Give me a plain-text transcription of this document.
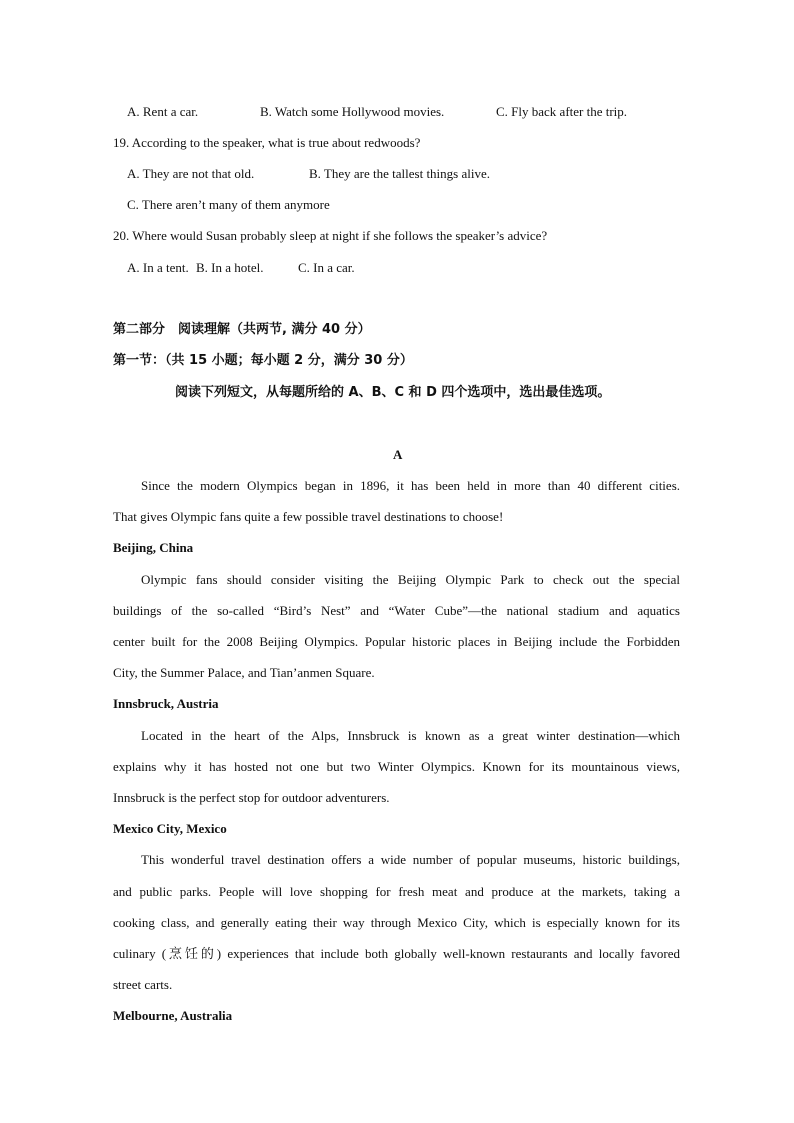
A. Rent a car.	B. Watch some Hollywood movies.	C. Fly back after the trip.
19. According to the speaker, what is true about redwoods?
A. They are not that old.	B. They are the tallest things alive.
C. There aren’t many of them anymore
20. Where would Susan probably sleep at night if she follows the speaker’s advice?
A. In a tent. B. In a hotel.	C. In a car.
第二部分　阅读理解（共两节, 满分 40 分）
第一节：（共 15 小题；每小题 2 分，满分 30 分）
阅读下列短文，从每题所给的 A、B、C 和 D 四个选项中，选出最佳选项。
A
Since the modern Olympics began in 1896, it has been held in more than 40 different cities.
That gives Olympic fans quite a few possible travel destinations to choose!
Beijing, China
Olympic fans should consider visiting the Beijing Olympic Park to check out the special
buildings of the so-called “Bird’s Nest” and “Water Cube”—the national stadium and aquatics
center built for the 2008 Beijing Olympics. Popular historic places in Beijing include the Forbidden
City, the Summer Palace, and Tian’anmen Square.
Innsbruck, Austria
Located in the heart of the Alps, Innsbruck is known as a great winter destination—which
explains why it has hosted not one but two Winter Olympics. Known for its mountainous views,
Innsbruck is the perfect stop for outdoor adventurers.
Mexico City, Mexico
This wonderful travel destination offers a wide number of popular museums, historic buildings,
and public parks. People will love shopping for fresh meat and produce at the markets, taking a
cooking class, and generally eating their way through Mexico City, which is especially known for its
culinary (烹饪的) experiences that include both globally well-known restaurants and locally favored
street carts.
Melbourne, Australia
